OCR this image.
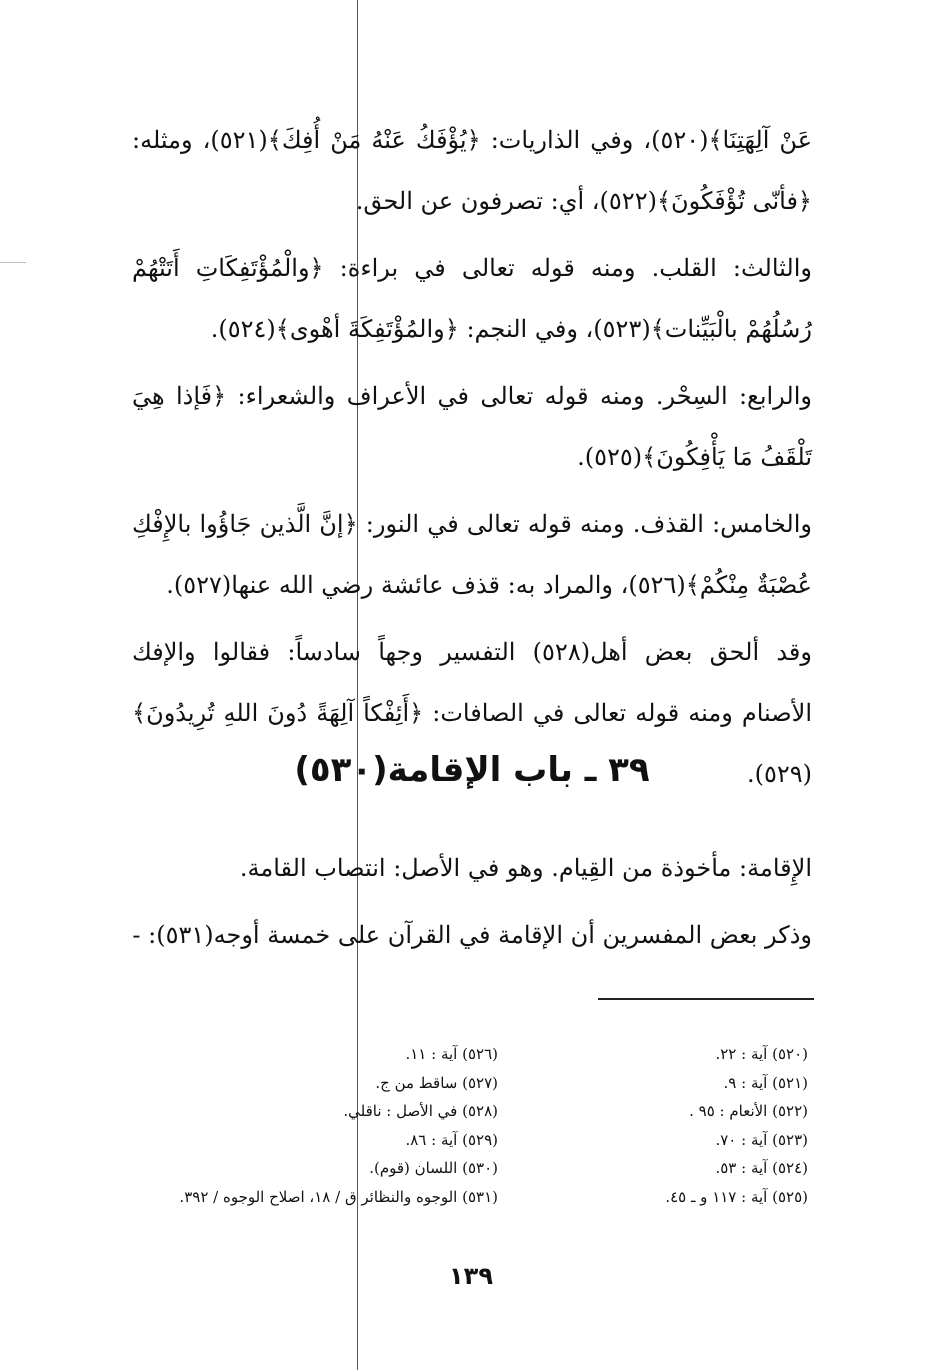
عَنْ آلِهَتِنَا﴾(٥٢٠)، وفي الذاريات: ﴿يُؤْفَكُ عَنْهُ مَنْ أُفِكَ﴾(٥٢١)، ومثله: ﴿فأنّى تُؤْفَكُونَ﴾(٥٢٢)، أي: تصرفون عن الحق.

والثالث: القلب. ومنه قوله تعالى في براءة: ﴿والْمُؤْتَفِكَاتِ أَتَتْهُمْ رُسُلُهُمْ بالْبَيِّنات﴾(٥٢٣)، وفي النجم: ﴿والمُؤْتَفِكَةَ أهْوى﴾(٥٢٤).

والرابع: السِحْر. ومنه قوله تعالى في الأعراف والشعراء: ﴿فَإذا هِيَ تَلْقَفُ مَا يَأْفِكُونَ﴾(٥٢٥).

والخامس: القذف. ومنه قوله تعالى في النور: ﴿إنَّ الَّذين جَاؤُوا بالإِفْكِ عُصْبَةٌ مِنْكُمْ﴾(٥٢٦)، والمراد به: قذف عائشة رضي الله عنها(٥٢٧).

وقد ألحق بعض أهل(٥٢٨) التفسير وجهاً سادساً: فقالوا والإفك الأصنام ومنه قوله تعالى في الصافات: ﴿أَئِفْكاً آلِهَةً دُونَ اللهِ تُرِيدُونَ﴾(٥٢٩).

٣٩ ـ باب الإقامة(٥٣٠)

الإِقامة: مأخوذة من القِيام. وهو في الأصل: انتصاب القامة.

وذكر بعض المفسرين أن الإقامة في القرآن على خمسة أوجه(٥٣١): -

(٥٢٠) آية : ٢٢.
(٥٢١) آية : ٩.
(٥٢٢) الأنعام : ٩٥ .
(٥٢٣) آية : ٧٠.
(٥٢٤) آية : ٥٣.
(٥٢٥) آية : ١١٧ و ـ ٤٥.
(٥٢٦) آية : ١١.
(٥٢٧) ساقط من ج.
(٥٢٨) في الأصل : ناقلي.
(٥٢٩) آية : ٨٦.
(٥٣٠) اللسان (قوم).
(٥٣١) الوجوه والنظائر ق / ١٨، اصلاح الوجوه / ٣٩٢.
١٣٩
